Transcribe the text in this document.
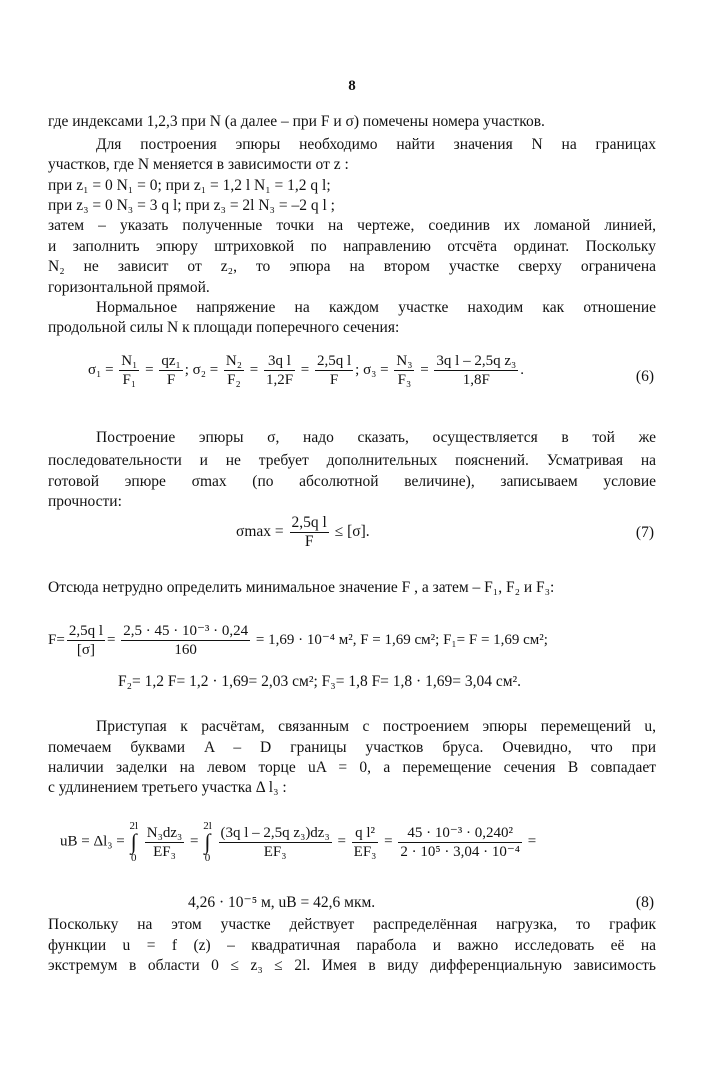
8
где индексами 1,2,3 при N (а далее – при F и σ) помечены номера участков.
Для построения эпюры необходимо найти значения N на границах
участков, где N меняется в зависимости от z :
при z₁ = 0 N₁ = 0; при z₁ = 1,2 l N₁ = 1,2 q l;
при z₃ = 0 N₃ = 3 q l; при z₃ = 2l N₃ = –2 q l ;
затем – указать полученные точки на чертеже, соединив их ломаной линией,
и заполнить эпюру штриховкой по направлению отсчёта ординат. Поскольку
N₂ не зависит от z₂, то эпюра на втором участке сверху ограничена
горизонтальной прямой.
Нормальное напряжение на каждом участке находим как отношение
продольной силы N к площади поперечного сечения:
$\sigma_1 = \frac{\text{N₁}}{\text{F₁}} = \frac{\text{qz₁}}{F}$ ; $\sigma_2 = \frac{\text{N₂}}{\text{F₂}} = \frac{\text{3q l}}{1,2F} = \frac{\text{2,5q l}}{F}$ ; $\sigma_3 = \frac{\text{N₃}}{\text{F₃}} = \frac{\text{3q l – 2,5q z₃}}{1,8F}$ .	(6)
Построение эпюры σ, надо сказать, осуществляется в той же
последовательности и не требует дополнительных пояснений. Усматривая на
готовой эпюре σmax (по абсолютной величине), записываем условие
прочности:
$\sigma\max = \frac{\text{2,5q l}}{F} \le [\sigma]$.	(7)
Отсюда нетрудно определить минимальное значение F , а затем – F₁, F₂ и F₃:
$F= \frac{\text{2,5q l}}{[\sigma]} = \frac{\text{2,5 · 45 · 10⁻³ · 0,24}}{160} = 1,69 \cdot 10^{-4}$ м², F = 1,69 см²; F₁= F = 1,69 см²;
F₂= 1,2 F= 1,2 · 1,69= 2,03 см²; F₃= 1,8 F= 1,8 · 1,69= 3,04 см².
Приступая к расчётам, связанным с построением эпюры перемещений u,
помечаем буквами A – D границы участков бруса. Очевидно, что при
наличии заделки на левом торце uA = 0, а перемещение сечения В совпадает
с удлинением третьего участка Δ l₃ :
uB = Δl₃ =
2l
∫
0
$\frac{\text{N₃dz₃}}{\text{EF₃}}$ =
2l
∫
0
$\frac{\text{(3q l – 2,5q z₃)dz₃}}{\text{EF₃}} = \frac{\text{q l²}}{\text{EF₃}} = \frac{\text{45 · 10⁻³ · 0,240²}}{\text{2 · 10⁵ · 3,04 · 10⁻⁴}}$ =
4,26 · 10⁻⁵ м, uB = 42,6 мкм.	(8)
Поскольку на этом участке действует распределённая нагрузка, то график
функции u = f (z) – квадратичная парабола и важно исследовать её на
экстремум в области 0 ≤ z₃ ≤ 2l. Имея в виду дифференциальную зависимость
